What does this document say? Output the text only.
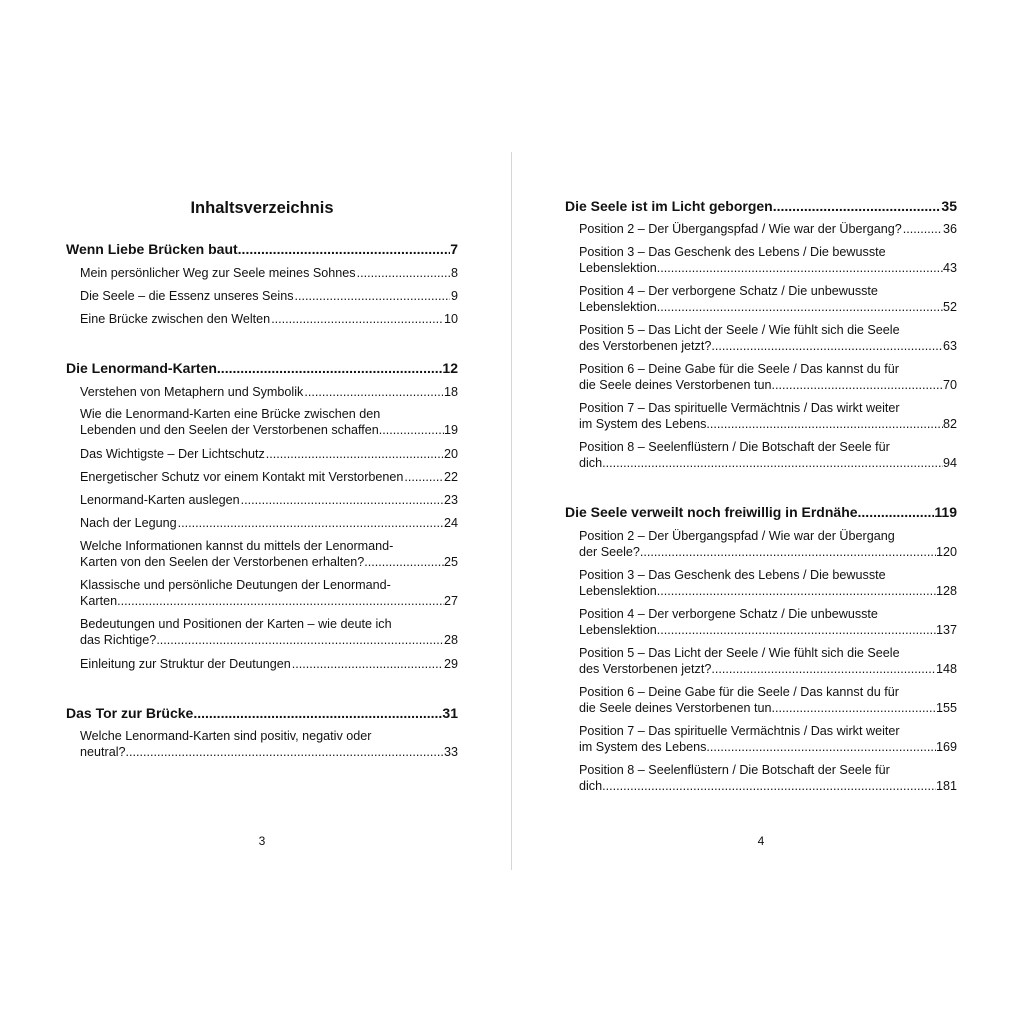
Inhaltsverzeichnis
Wenn Liebe Brücken baut .....	7
Mein persönlicher Weg zur Seele meines Sohnes .....	8
Die Seele – die Essenz unseres Seins .....	9
Eine Brücke zwischen den Welten .....	10
Die Lenormand-Karten .....	12
Verstehen von Metaphern und Symbolik .....	18
Wie die Lenormand-Karten eine Brücke zwischen den
Lebenden und den Seelen der Verstorbenen schaffen .....	19
Das Wichtigste – Der Lichtschutz .....	20
Energetischer Schutz vor einem Kontakt mit Verstorbenen .....	22
Lenormand-Karten auslegen .....	23
Nach der Legung .....	24
Welche Informationen kannst du mittels der Lenormand-
Karten von den Seelen der Verstorbenen erhalten? .....	25
Klassische und persönliche Deutungen der Lenormand-
Karten .....	27
Bedeutungen und Positionen der Karten – wie deute ich
das Richtige? .....	28
Einleitung zur Struktur der Deutungen .....	29
Das Tor zur Brücke .....	31
Welche Lenormand-Karten sind positiv, negativ oder
neutral? .....	33
3
Die Seele ist im Licht geborgen .....	35
Position 2 – Der Übergangspfad / Wie war der Übergang? .....	36
Position 3 – Das Geschenk des Lebens / Die bewusste
Lebenslektion .....	43
Position 4 – Der verborgene Schatz / Die unbewusste
Lebenslektion .....	52
Position 5 – Das Licht der Seele / Wie fühlt sich die Seele
des Verstorbenen jetzt? .....	63
Position 6 – Deine Gabe für die Seele / Das kannst du für
die Seele deines Verstorbenen tun .....	70
Position 7 – Das spirituelle Vermächtnis / Das wirkt weiter
im System des Lebens .....	82
Position 8 – Seelenflüstern / Die Botschaft der Seele für
dich .....	94
Die Seele verweilt noch freiwillig in Erdnähe .....	119
Position 2 – Der Übergangspfad / Wie war der Übergang
der Seele? .....	120
Position 3 – Das Geschenk des Lebens / Die bewusste
Lebenslektion .....	128
Position 4 – Der verborgene Schatz / Die unbewusste
Lebenslektion .....	137
Position 5 – Das Licht der Seele / Wie fühlt sich die Seele
des Verstorbenen jetzt? .....	148
Position 6 – Deine Gabe für die Seele / Das kannst du für
die Seele deines Verstorbenen tun .....	155
Position 7 – Das spirituelle Vermächtnis / Das wirkt weiter
im System des Lebens .....	169
Position 8 – Seelenflüstern / Die Botschaft der Seele für
dich .....	181
4
